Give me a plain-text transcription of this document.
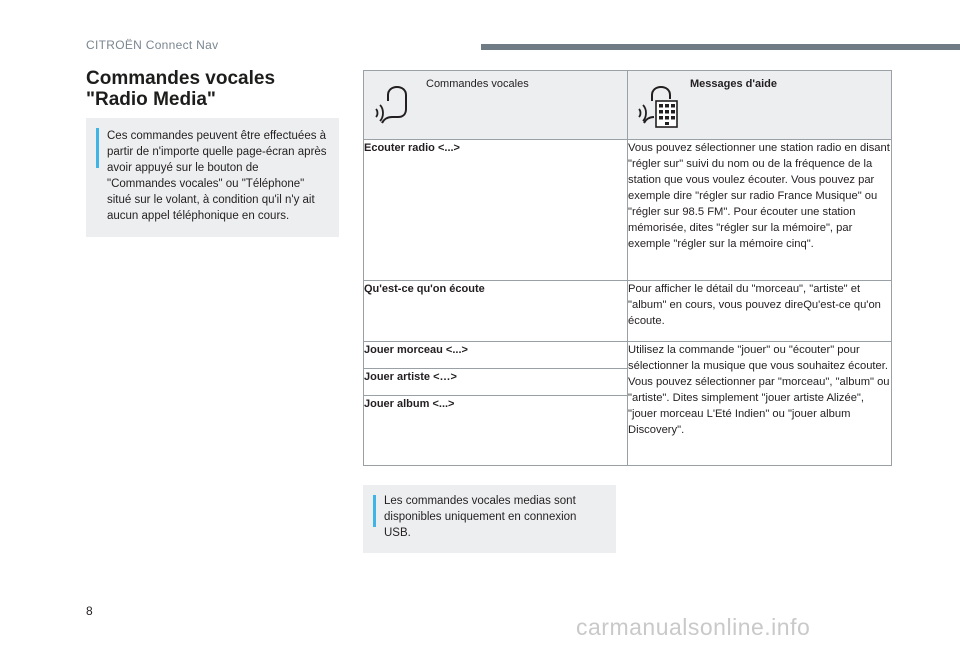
CITROËN Connect Nav
Commandes vocales
"Radio Media"
Ces commandes peuvent être effectuées à partir de n'importe quelle page-écran après avoir appuyé sur le bouton de "Commandes vocales" ou "Téléphone" situé sur le volant, à condition qu'il n'y ait aucun appel téléphonique en cours.
Commandes vocales	Messages d'aide

Ecouter radio <...>	Vous pouvez sélectionner une station radio en disant "régler sur" suivi du nom ou de la fréquence de la station que vous voulez écouter. Vous pouvez par exemple dire "régler sur radio France Musique" ou "régler sur 98.5 FM". Pour écouter une station mémorisée, dites "régler sur la mémoire", par exemple "régler sur la mémoire cinq".
Qu'est-ce qu'on écoute	Pour afficher le détail du "morceau", "artiste" et "album" en cours, vous pouvez direQu'est-ce qu'on écoute.
Jouer morceau <...>	Utilisez la commande "jouer" ou "écouter" pour sélectionner la musique que vous souhaitez écouter. Vous pouvez sélectionner par "morceau", "album" ou "artiste". Dites simplement "jouer artiste Alizée", "jouer morceau L'Eté Indien" ou "jouer album Discovery".
Jouer artiste <…>	
Jouer album <...>	
Les commandes vocales medias sont disponibles uniquement en connexion USB.
8
carmanualsonline.info
